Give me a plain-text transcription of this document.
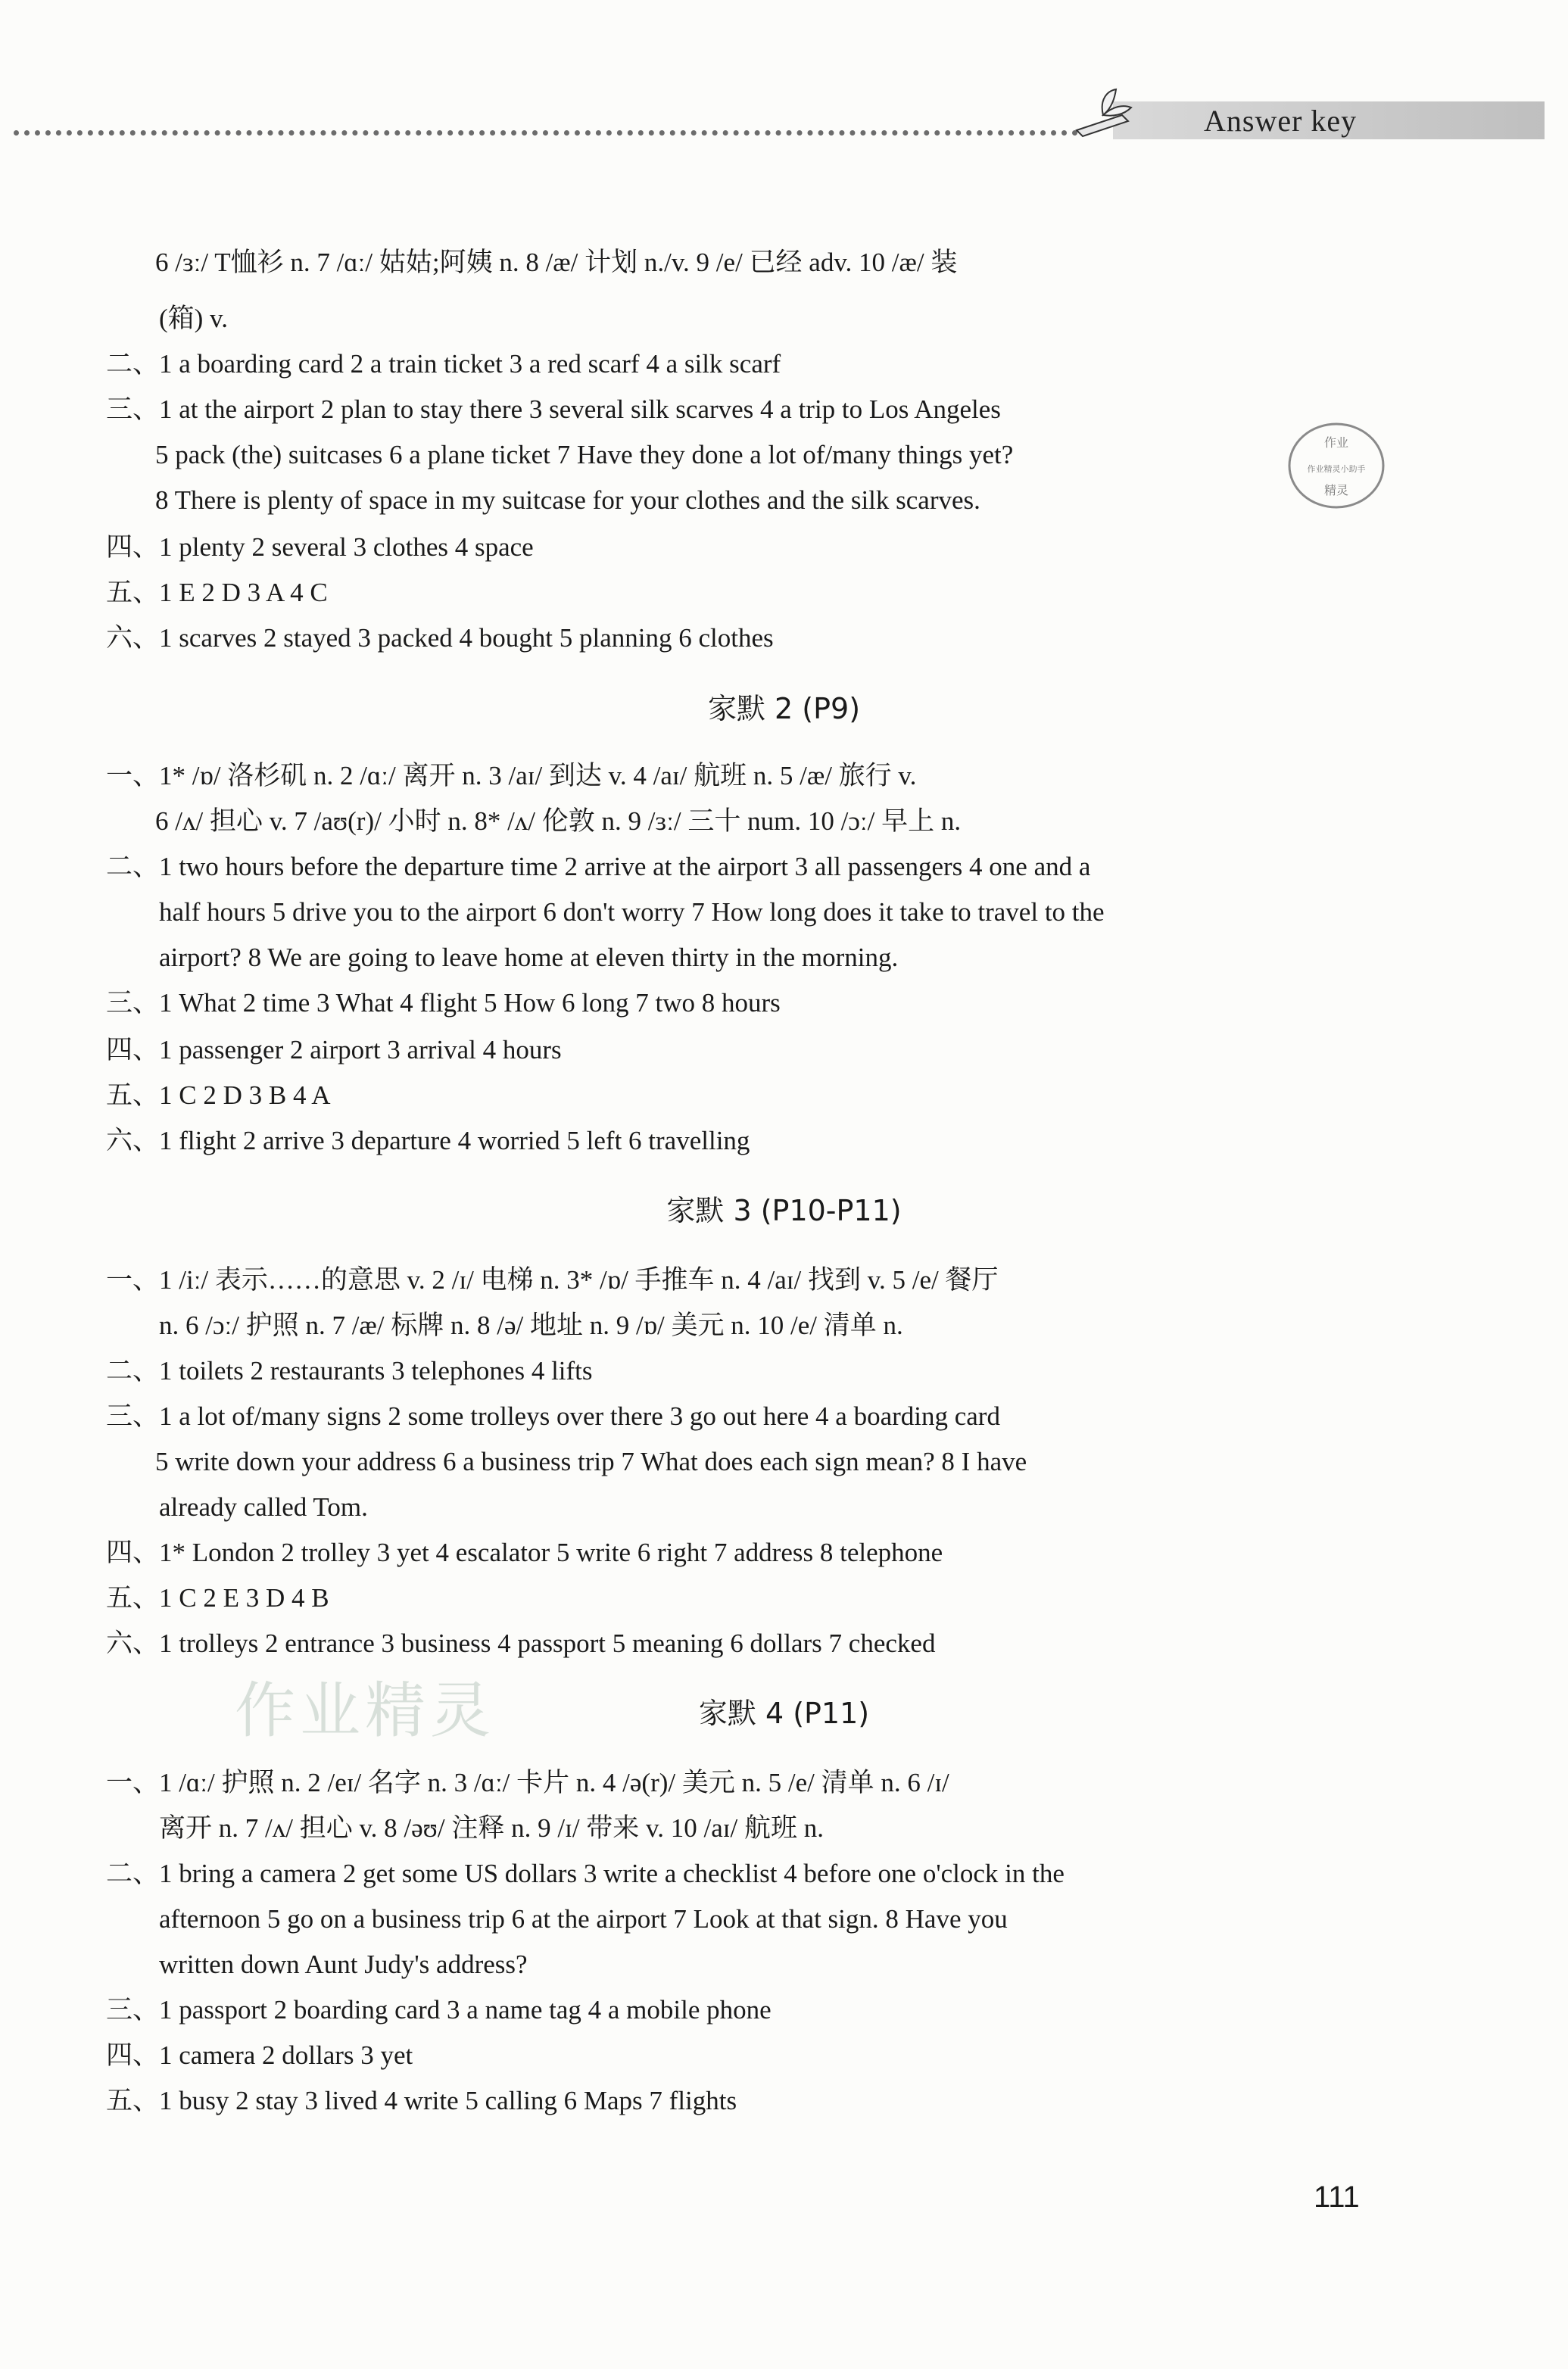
Answer key
作业
作业精灵小助手
精灵
6 /ɜː/ T恤衫 n. 7 /ɑː/ 姑姑;阿姨 n. 8 /æ/ 计划 n./v. 9 /e/ 已经 adv. 10 /æ/ 装
(箱) v.
二、1 a boarding card 2 a train ticket 3 a red scarf 4 a silk scarf
三、1 at the airport 2 plan to stay there 3 several silk scarves 4 a trip to Los Angeles
5 pack (the) suitcases 6 a plane ticket 7 Have they done a lot of/many things yet?
8 There is plenty of space in my suitcase for your clothes and the silk scarves.
四、1 plenty 2 several 3 clothes 4 space
五、1 E 2 D 3 A 4 C
六、1 scarves 2 stayed 3 packed 4 bought 5 planning 6 clothes
家默 2 (P9)
一、1* /ɒ/ 洛杉矶 n. 2 /ɑː/ 离开 n. 3 /aɪ/ 到达 v. 4 /aɪ/ 航班 n. 5 /æ/ 旅行 v.
6 /ʌ/ 担心 v. 7 /aʊ(r)/ 小时 n. 8* /ʌ/ 伦敦 n. 9 /ɜː/ 三十 num. 10 /ɔː/ 早上 n.
二、1 two hours before the departure time 2 arrive at the airport 3 all passengers 4 one and a
half hours 5 drive you to the airport 6 don't worry 7 How long does it take to travel to the
airport? 8 We are going to leave home at eleven thirty in the morning.
三、1 What 2 time 3 What 4 flight 5 How 6 long 7 two 8 hours
四、1 passenger 2 airport 3 arrival 4 hours
五、1 C 2 D 3 B 4 A
六、1 flight 2 arrive 3 departure 4 worried 5 left 6 travelling
家默 3 (P10-P11)
一、1 /iː/ 表示……的意思 v. 2 /ɪ/ 电梯 n. 3* /ɒ/ 手推车 n. 4 /aɪ/ 找到 v. 5 /e/ 餐厅
n. 6 /ɔː/ 护照 n. 7 /æ/ 标牌 n. 8 /ə/ 地址 n. 9 /ɒ/ 美元 n. 10 /e/ 清单 n.
二、1 toilets 2 restaurants 3 telephones 4 lifts
三、1 a lot of/many signs 2 some trolleys over there 3 go out here 4 a boarding card
5 write down your address 6 a business trip 7 What does each sign mean? 8 I have
already called Tom.
四、1* London 2 trolley 3 yet 4 escalator 5 write 6 right 7 address 8 telephone
五、1 C 2 E 3 D 4 B
六、1 trolleys 2 entrance 3 business 4 passport 5 meaning 6 dollars 7 checked
作业精灵	家默 4 (P11)
一、1 /ɑː/ 护照 n. 2 /eɪ/ 名字 n. 3 /ɑː/ 卡片 n. 4 /ə(r)/ 美元 n. 5 /e/ 清单 n. 6 /ɪ/
离开 n. 7 /ʌ/ 担心 v. 8 /əʊ/ 注释 n. 9 /ɪ/ 带来 v. 10 /aɪ/ 航班 n.
二、1 bring a camera 2 get some US dollars 3 write a checklist 4 before one o'clock in the
afternoon 5 go on a business trip 6 at the airport 7 Look at that sign. 8 Have you
written down Aunt Judy's address?
三、1 passport 2 boarding card 3 a name tag 4 a mobile phone
四、1 camera 2 dollars 3 yet
五、1 busy 2 stay 3 lived 4 write 5 calling 6 Maps 7 flights
111
